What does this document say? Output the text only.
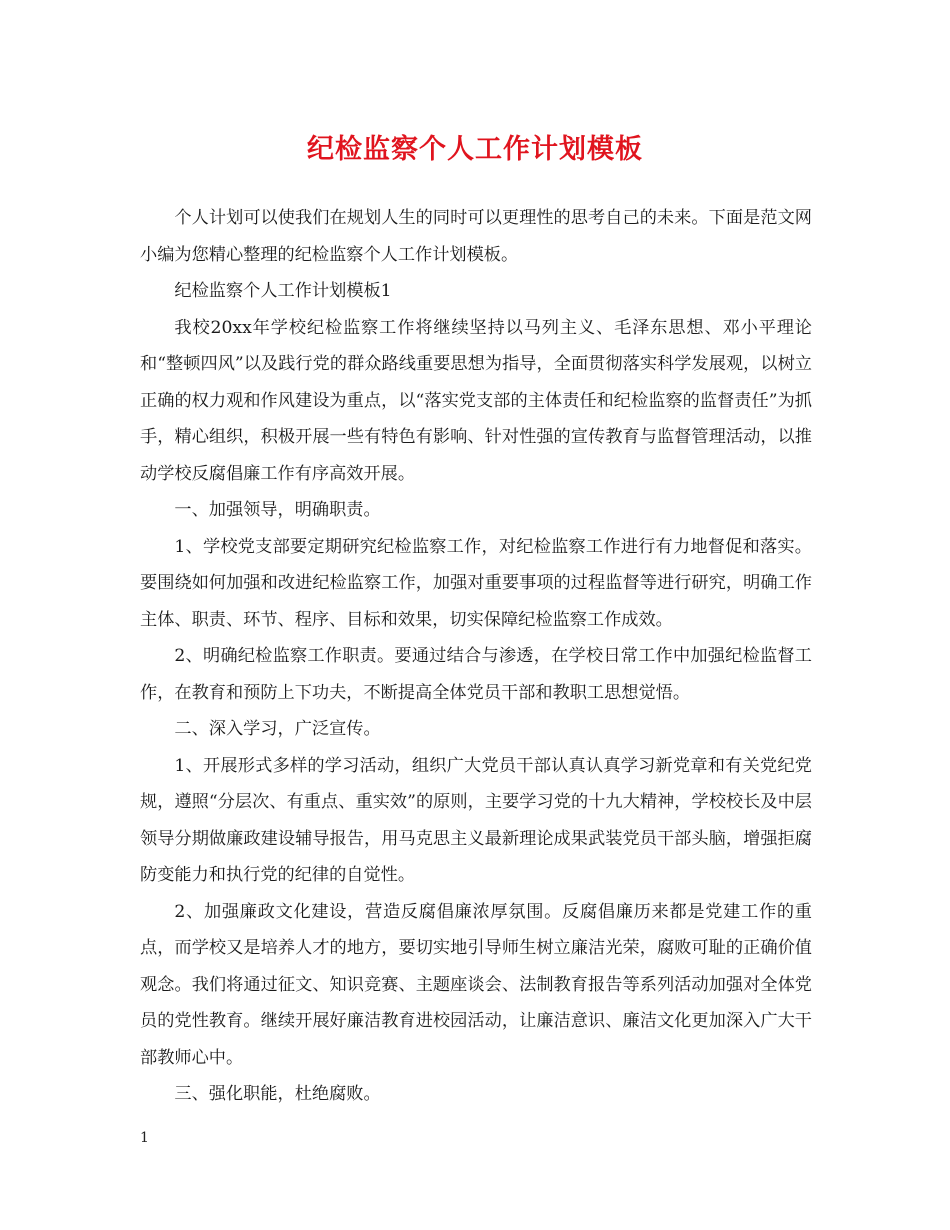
纪检监察个人工作计划模板

个人计划可以使我们在规划人生的同时可以更理性的思考自己的未来。下面是范文网小编为您精心整理的纪检监察个人工作计划模板。

纪检监察个人工作计划模板1

我校20xx年学校纪检监察工作将继续坚持以马列主义、毛泽东思想、邓小平理论和“整顿四风”以及践行党的群众路线重要思想为指导，全面贯彻落实科学发展观，以树立正确的权力观和作风建设为重点，以“落实党支部的主体责任和纪检监察的监督责任”为抓手，精心组织，积极开展一些有特色有影响、针对性强的宣传教育与监督管理活动，以推动学校反腐倡廉工作有序高效开展。

一、加强领导，明确职责。

1、学校党支部要定期研究纪检监察工作，对纪检监察工作进行有力地督促和落实。要围绕如何加强和改进纪检监察工作，加强对重要事项的过程监督等进行研究，明确工作主体、职责、环节、程序、目标和效果，切实保障纪检监察工作成效。

2、明确纪检监察工作职责。要通过结合与渗透，在学校日常工作中加强纪检监督工作，在教育和预防上下功夫，不断提高全体党员干部和教职工思想觉悟。

二、深入学习，广泛宣传。

1、开展形式多样的学习活动，组织广大党员干部认真认真学习新党章和有关党纪党规，遵照“分层次、有重点、重实效”的原则，主要学习党的十九大精神，学校校长及中层领导分期做廉政建设辅导报告，用马克思主义最新理论成果武装党员干部头脑，增强拒腐防变能力和执行党的纪律的自觉性。

2、加强廉政文化建设，营造反腐倡廉浓厚氛围。反腐倡廉历来都是党建工作的重点，而学校又是培养人才的地方，要切实地引导师生树立廉洁光荣，腐败可耻的正确价值观念。我们将通过征文、知识竞赛、主题座谈会、法制教育报告等系列活动加强对全体党员的党性教育。继续开展好廉洁教育进校园活动，让廉洁意识、廉洁文化更加深入广大干部教师心中。

三、强化职能，杜绝腐败。

1
